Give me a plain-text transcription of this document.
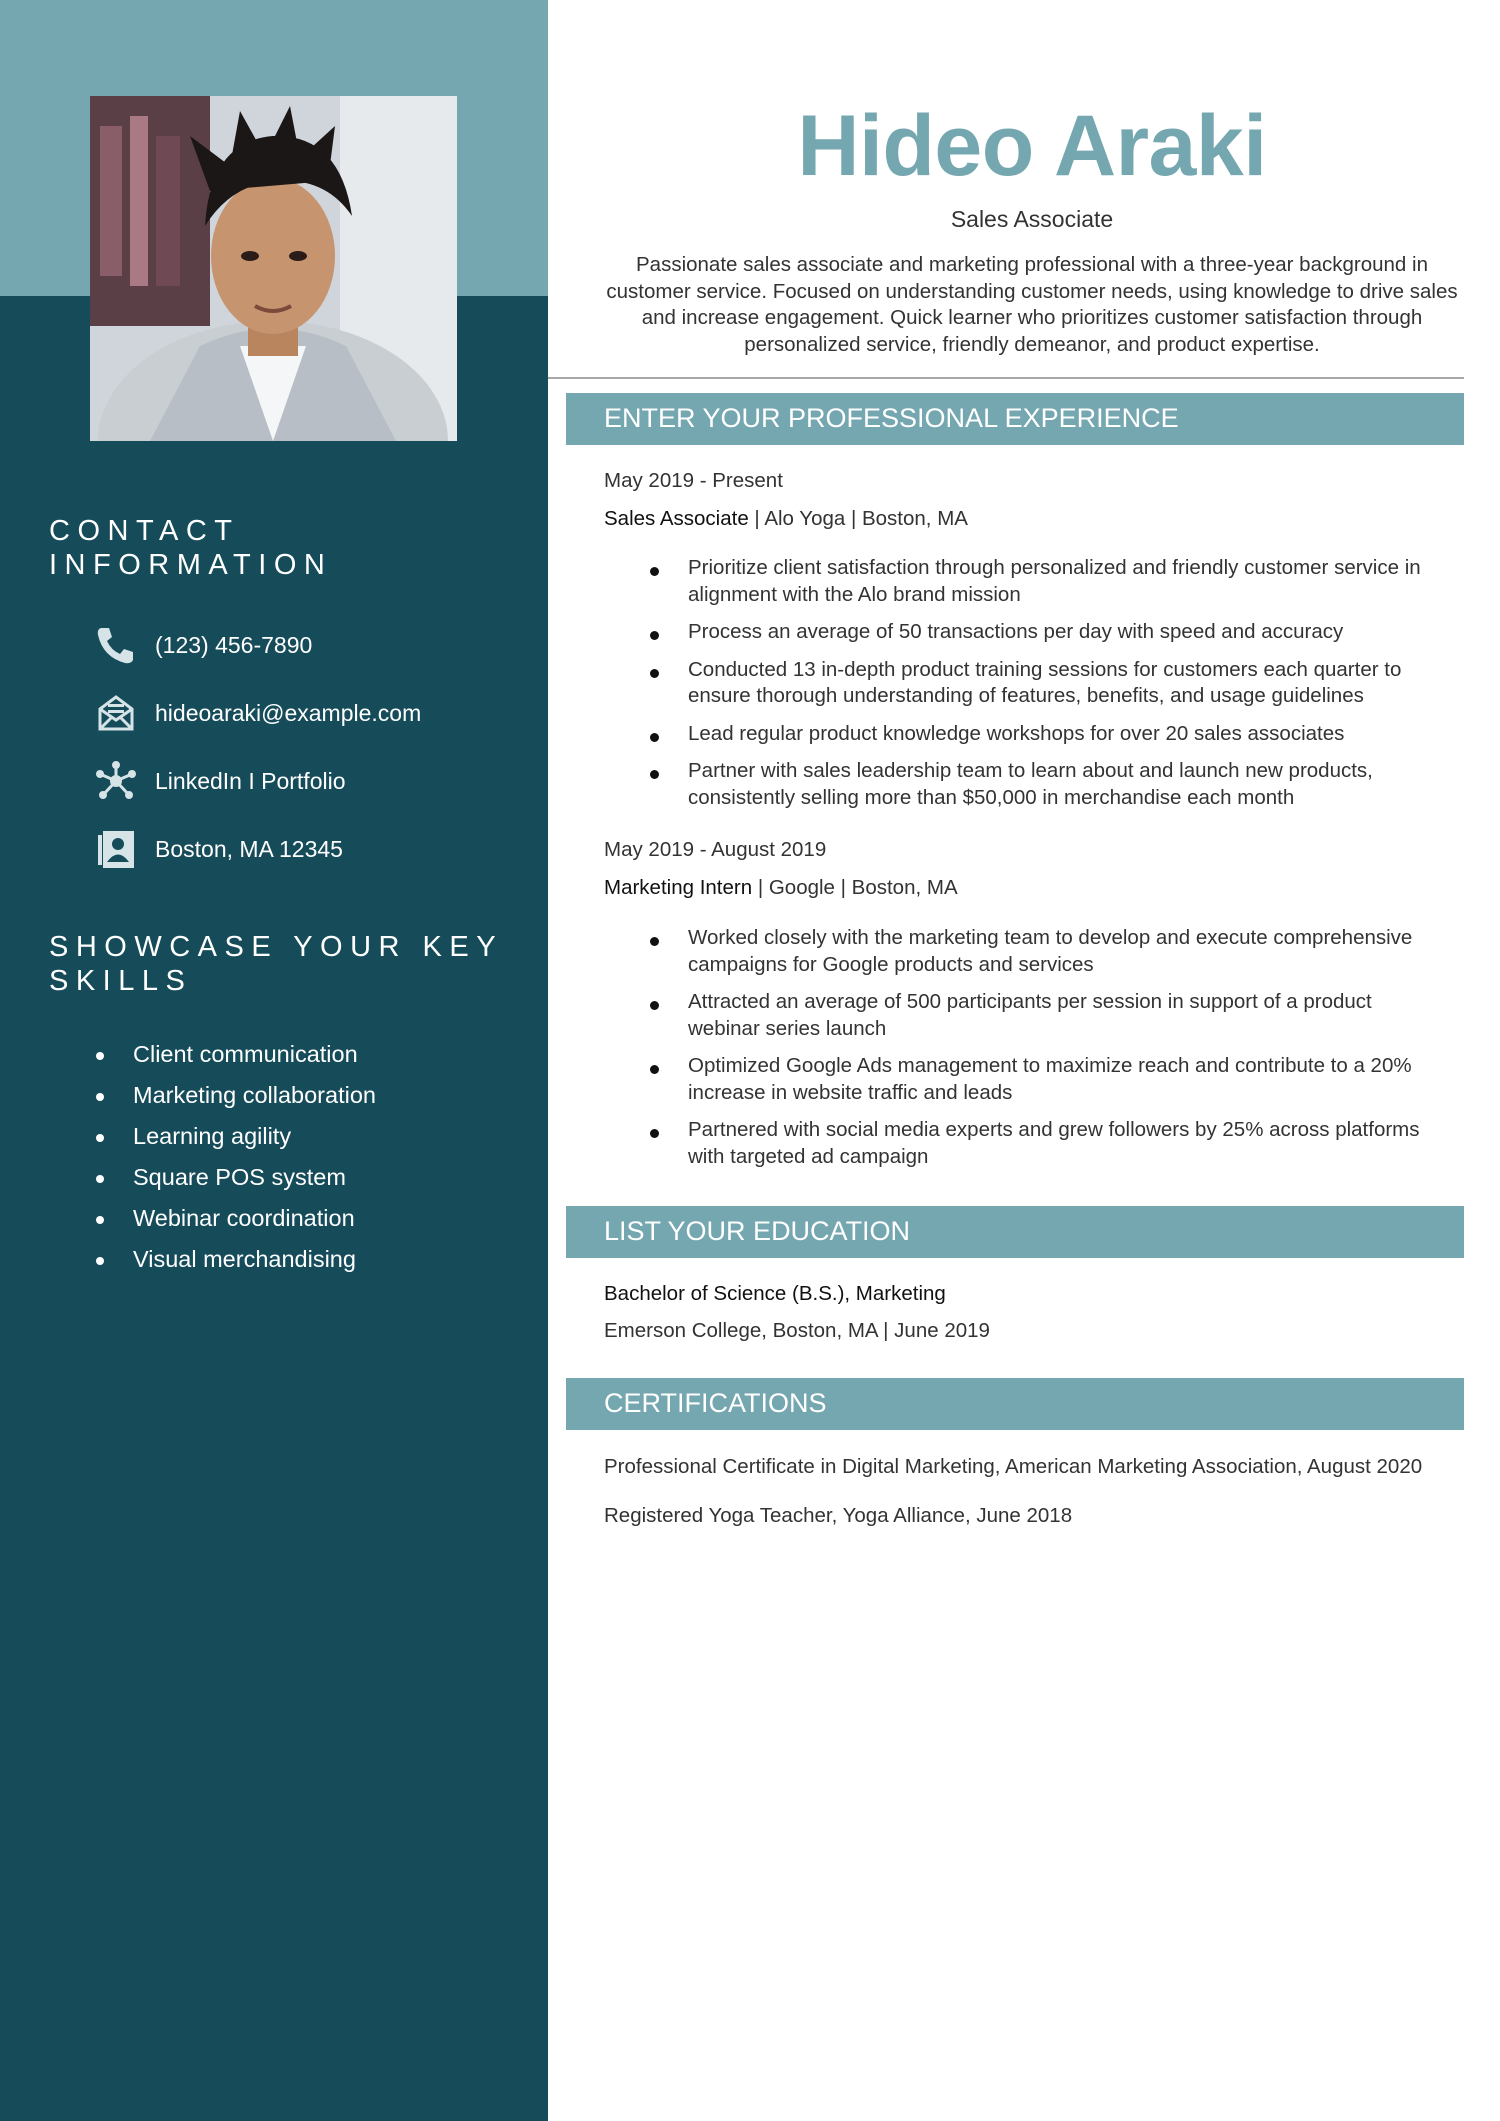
CONTACT
INFORMATION
(123) 456-7890
hideoaraki@example.com
LinkedIn I Portfolio
Boston, MA 12345
SHOWCASE YOUR KEY
SKILLS
Client communication
Marketing collaboration
Learning agility
Square POS system
Webinar coordination
Visual merchandising
Hideo Araki
Sales Associate
Passionate sales associate and marketing professional with a three-year background in customer service. Focused on understanding customer needs, using knowledge to drive sales and increase engagement. Quick learner who prioritizes customer satisfaction through personalized service, friendly demeanor, and product expertise.
ENTER YOUR PROFESSIONAL EXPERIENCE
May 2019 - Present
Sales Associate | Alo Yoga | Boston, MA
Prioritize client satisfaction through personalized and friendly customer service in alignment with the Alo brand mission
Process an average of 50 transactions per day with speed and accuracy
Conducted 13 in-depth product training sessions for customers each quarter to ensure thorough understanding of features, benefits, and usage guidelines
Lead regular product knowledge workshops for over 20 sales associates
Partner with sales leadership team to learn about and launch new products, consistently selling more than $50,000 in merchandise each month
May 2019 - August 2019
Marketing Intern | Google | Boston, MA
Worked closely with the marketing team to develop and execute comprehensive campaigns for Google products and services
Attracted an average of 500 participants per session in support of a product webinar series launch
Optimized Google Ads management to maximize reach and contribute to a 20% increase in website traffic and leads
Partnered with social media experts and grew followers by 25% across platforms with targeted ad campaign
LIST YOUR EDUCATION
Bachelor of Science (B.S.), Marketing
Emerson College, Boston, MA | June 2019
CERTIFICATIONS
Professional Certificate in Digital Marketing, American Marketing Association, August 2020
Registered Yoga Teacher, Yoga Alliance, June 2018
